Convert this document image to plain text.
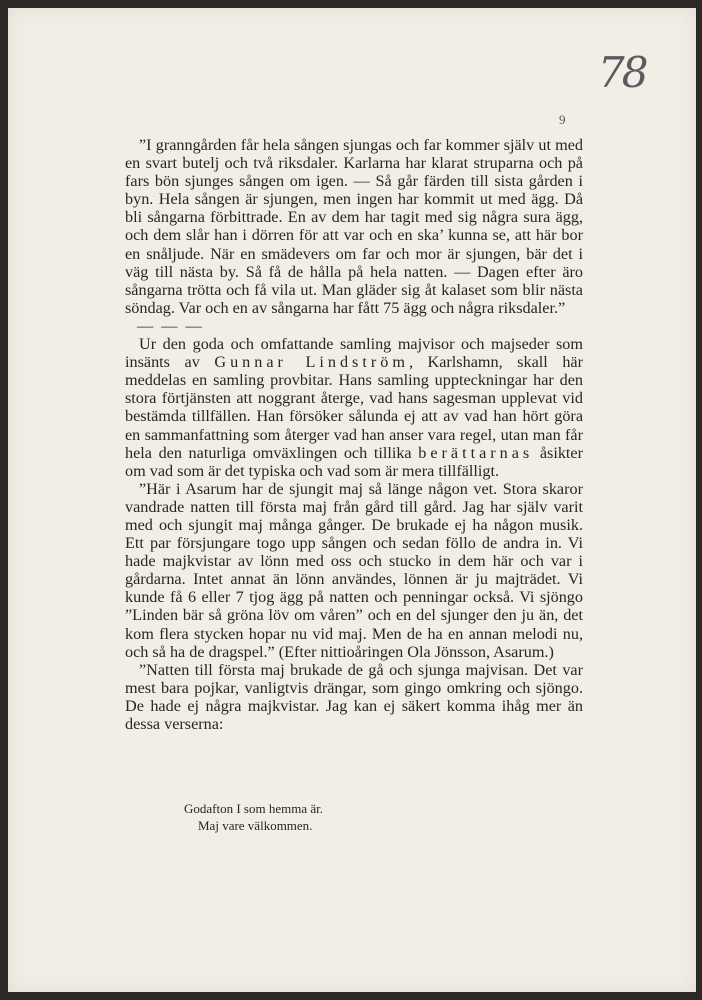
78
9

”I granngården får hela sången sjungas och far kommer själv ut med en svart butelj och två riksdaler. Karlarna har klarat struparna och på fars bön sjunges sången om igen. — Så går färden till sista gården i byn. Hela sången är sjungen, men ingen har kommit ut med ägg. Då bli sångarna förbittrade. En av dem har tagit med sig några sura ägg, och dem slår han i dörren för att var och en ska’ kunna se, att här bor en snåljude. När en smädevers om far och mor är sjungen, bär det i väg till nästa by. Så få de hålla på hela natten. — Dagen efter äro sångarna trötta och få vila ut. Man gläder sig åt kalaset som blir nästa söndag. Var och en av sångarna har fått 75 ägg och några riksdaler.”

— — —

Ur den goda och omfattande samling majvisor och majseder som insänts av Gunnar Lindström, Karlshamn, skall här meddelas en samling provbitar. Hans samling uppteckningar har den stora förtjänsten att noggrant återge, vad hans sagesman upplevat vid bestämda tillfällen. Han försöker sålunda ej att av vad han hört göra en sammanfattning som återger vad han anser vara regel, utan man får hela den naturliga omväxlingen och tillika berättarnas åsikter om vad som är det typiska och vad som är mera tillfälligt.

”Här i Asarum har de sjungit maj så länge någon vet. Stora skaror vandrade natten till första maj från gård till gård. Jag har själv varit med och sjungit maj många gånger. De brukade ej ha någon musik. Ett par försjungare togo upp sången och sedan föllo de andra in. Vi hade majkvistar av lönn med oss och stucko in dem här och var i gårdarna. Intet annat än lönn användes, lönnen är ju majträdet. Vi kunde få 6 eller 7 tjog ägg på natten och penningar också. Vi sjöngo ”Linden bär så gröna löv om våren” och en del sjunger den ju än, det kom flera stycken hopar nu vid maj. Men de ha en annan melodi nu, och så ha de dragspel.” (Efter nittioåringen Ola Jönsson, Asarum.)

”Natten till första maj brukade de gå och sjunga majvisan. Det var mest bara pojkar, vanligtvis drängar, som gingo omkring och sjöngo. De hade ej några majkvistar. Jag kan ej säkert komma ihåg mer än dessa verserna:

Godafton I som hemma är.
Maj vare välkommen.
